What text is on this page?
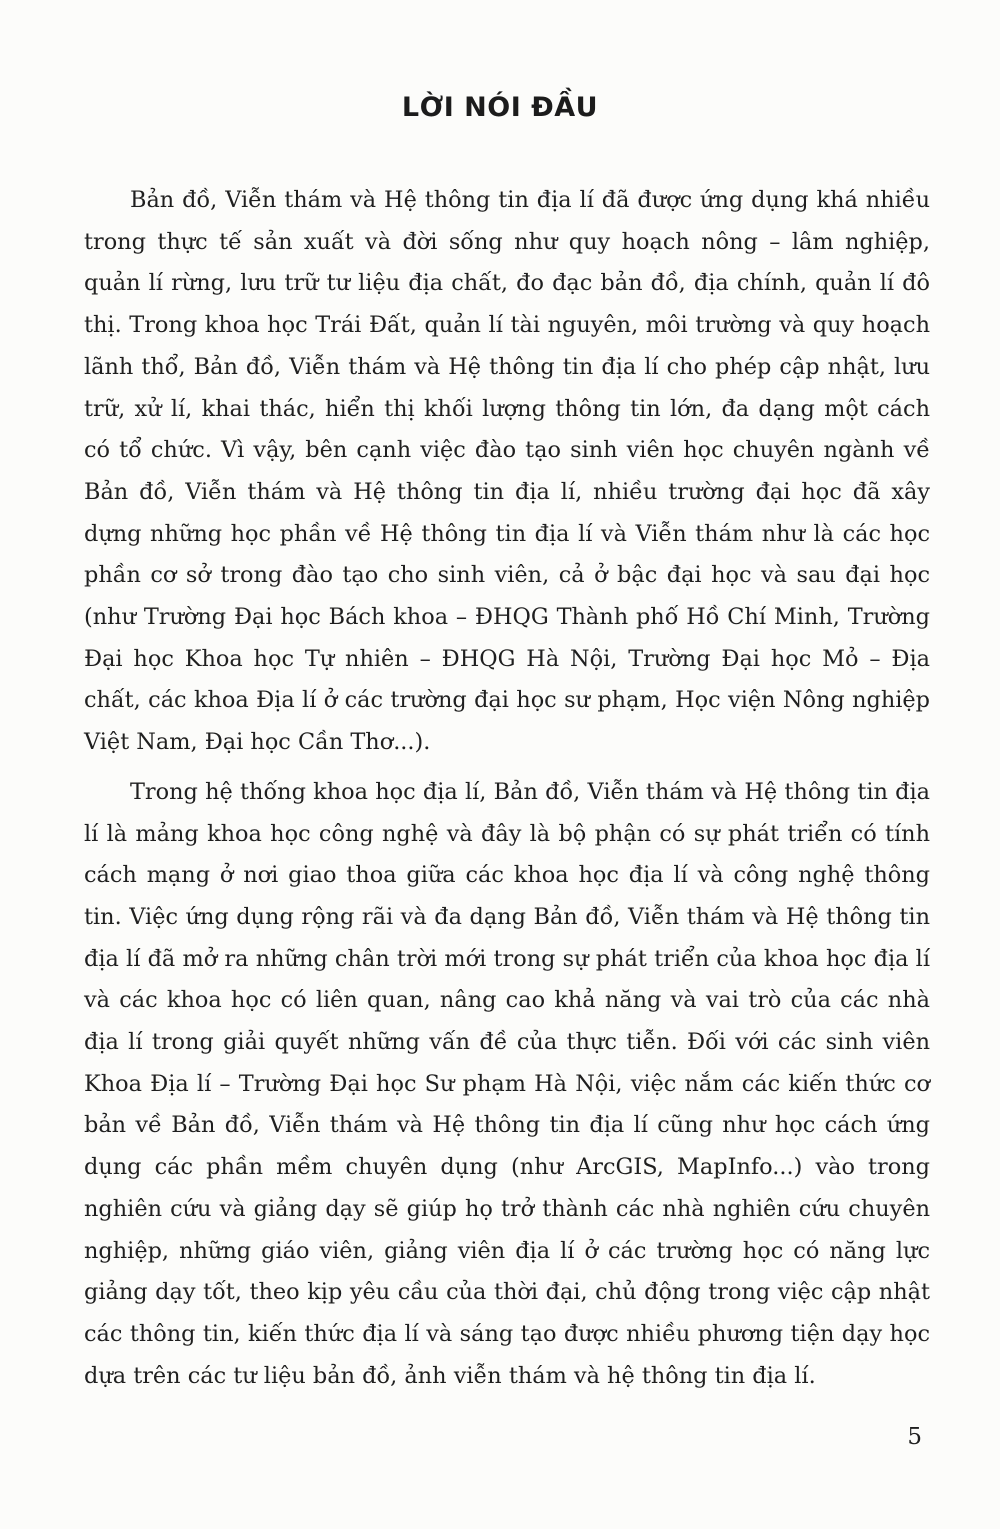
LỜI NÓI ĐẦU

Bản đồ, Viễn thám và Hệ thông tin địa lí đã được ứng dụng khá nhiều trong thực tế sản xuất và đời sống như quy hoạch nông – lâm nghiệp, quản lí rừng, lưu trữ tư liệu địa chất, đo đạc bản đồ, địa chính, quản lí đô thị. Trong khoa học Trái Đất, quản lí tài nguyên, môi trường và quy hoạch lãnh thổ, Bản đồ, Viễn thám và Hệ thông tin địa lí cho phép cập nhật, lưu trữ, xử lí, khai thác, hiển thị khối lượng thông tin lớn, đa dạng một cách có tổ chức. Vì vậy, bên cạnh việc đào tạo sinh viên học chuyên ngành về Bản đồ, Viễn thám và Hệ thông tin địa lí, nhiều trường đại học đã xây dựng những học phần về Hệ thông tin địa lí và Viễn thám như là các học phần cơ sở trong đào tạo cho sinh viên, cả ở bậc đại học và sau đại học (như Trường Đại học Bách khoa – ĐHQG Thành phố Hồ Chí Minh, Trường Đại học Khoa học Tự nhiên – ĐHQG Hà Nội, Trường Đại học Mỏ – Địa chất, các khoa Địa lí ở các trường đại học sư phạm, Học viện Nông nghiệp Việt Nam, Đại học Cần Thơ...).

Trong hệ thống khoa học địa lí, Bản đồ, Viễn thám và Hệ thông tin địa lí là mảng khoa học công nghệ và đây là bộ phận có sự phát triển có tính cách mạng ở nơi giao thoa giữa các khoa học địa lí và công nghệ thông tin. Việc ứng dụng rộng rãi và đa dạng Bản đồ, Viễn thám và Hệ thông tin địa lí đã mở ra những chân trời mới trong sự phát triển của khoa học địa lí và các khoa học có liên quan, nâng cao khả năng và vai trò của các nhà địa lí trong giải quyết những vấn đề của thực tiễn. Đối với các sinh viên Khoa Địa lí – Trường Đại học Sư phạm Hà Nội, việc nắm các kiến thức cơ bản về Bản đồ, Viễn thám và Hệ thông tin địa lí cũng như học cách ứng dụng các phần mềm chuyên dụng (như ArcGIS, MapInfo...) vào trong nghiên cứu và giảng dạy sẽ giúp họ trở thành các nhà nghiên cứu chuyên nghiệp, những giáo viên, giảng viên địa lí ở các trường học có năng lực giảng dạy tốt, theo kịp yêu cầu của thời đại, chủ động trong việc cập nhật các thông tin, kiến thức địa lí và sáng tạo được nhiều phương tiện dạy học dựa trên các tư liệu bản đồ, ảnh viễn thám và hệ thông tin địa lí.

5
